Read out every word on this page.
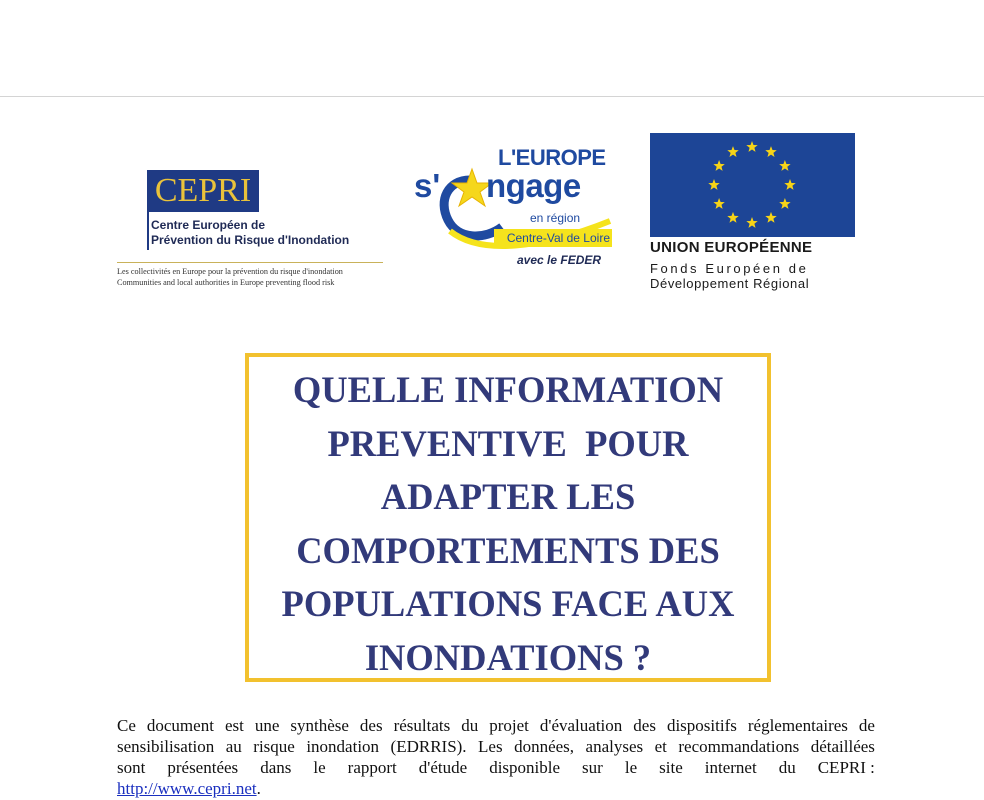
CEPRI
Centre Européen de
Prévention du Risque d'Inondation
Les collectivités en Europe pour la prévention du risque d'inondation
Communities and local authorities in Europe preventing flood risk
L'EUROPE
s' ngage
en région
Centre-Val de Loire
avec le FEDER
UNION EUROPÉENNE
Fonds Européen de
Développement Régional
QUELLE INFORMATION
PREVENTIVE  POUR
ADAPTER LES
COMPORTEMENTS DES
POPULATIONS FACE AUX
INONDATIONS ?
Ce document est une synthèse des résultats du projet d'évaluation des dispositifs réglementaires de
sensibilisation au risque inondation (EDRRIS). Les données, analyses et recommandations détaillées
sont présentées dans le rapport d'étude disponible sur le site internet du CEPRI :
http://www.cepri.net .
